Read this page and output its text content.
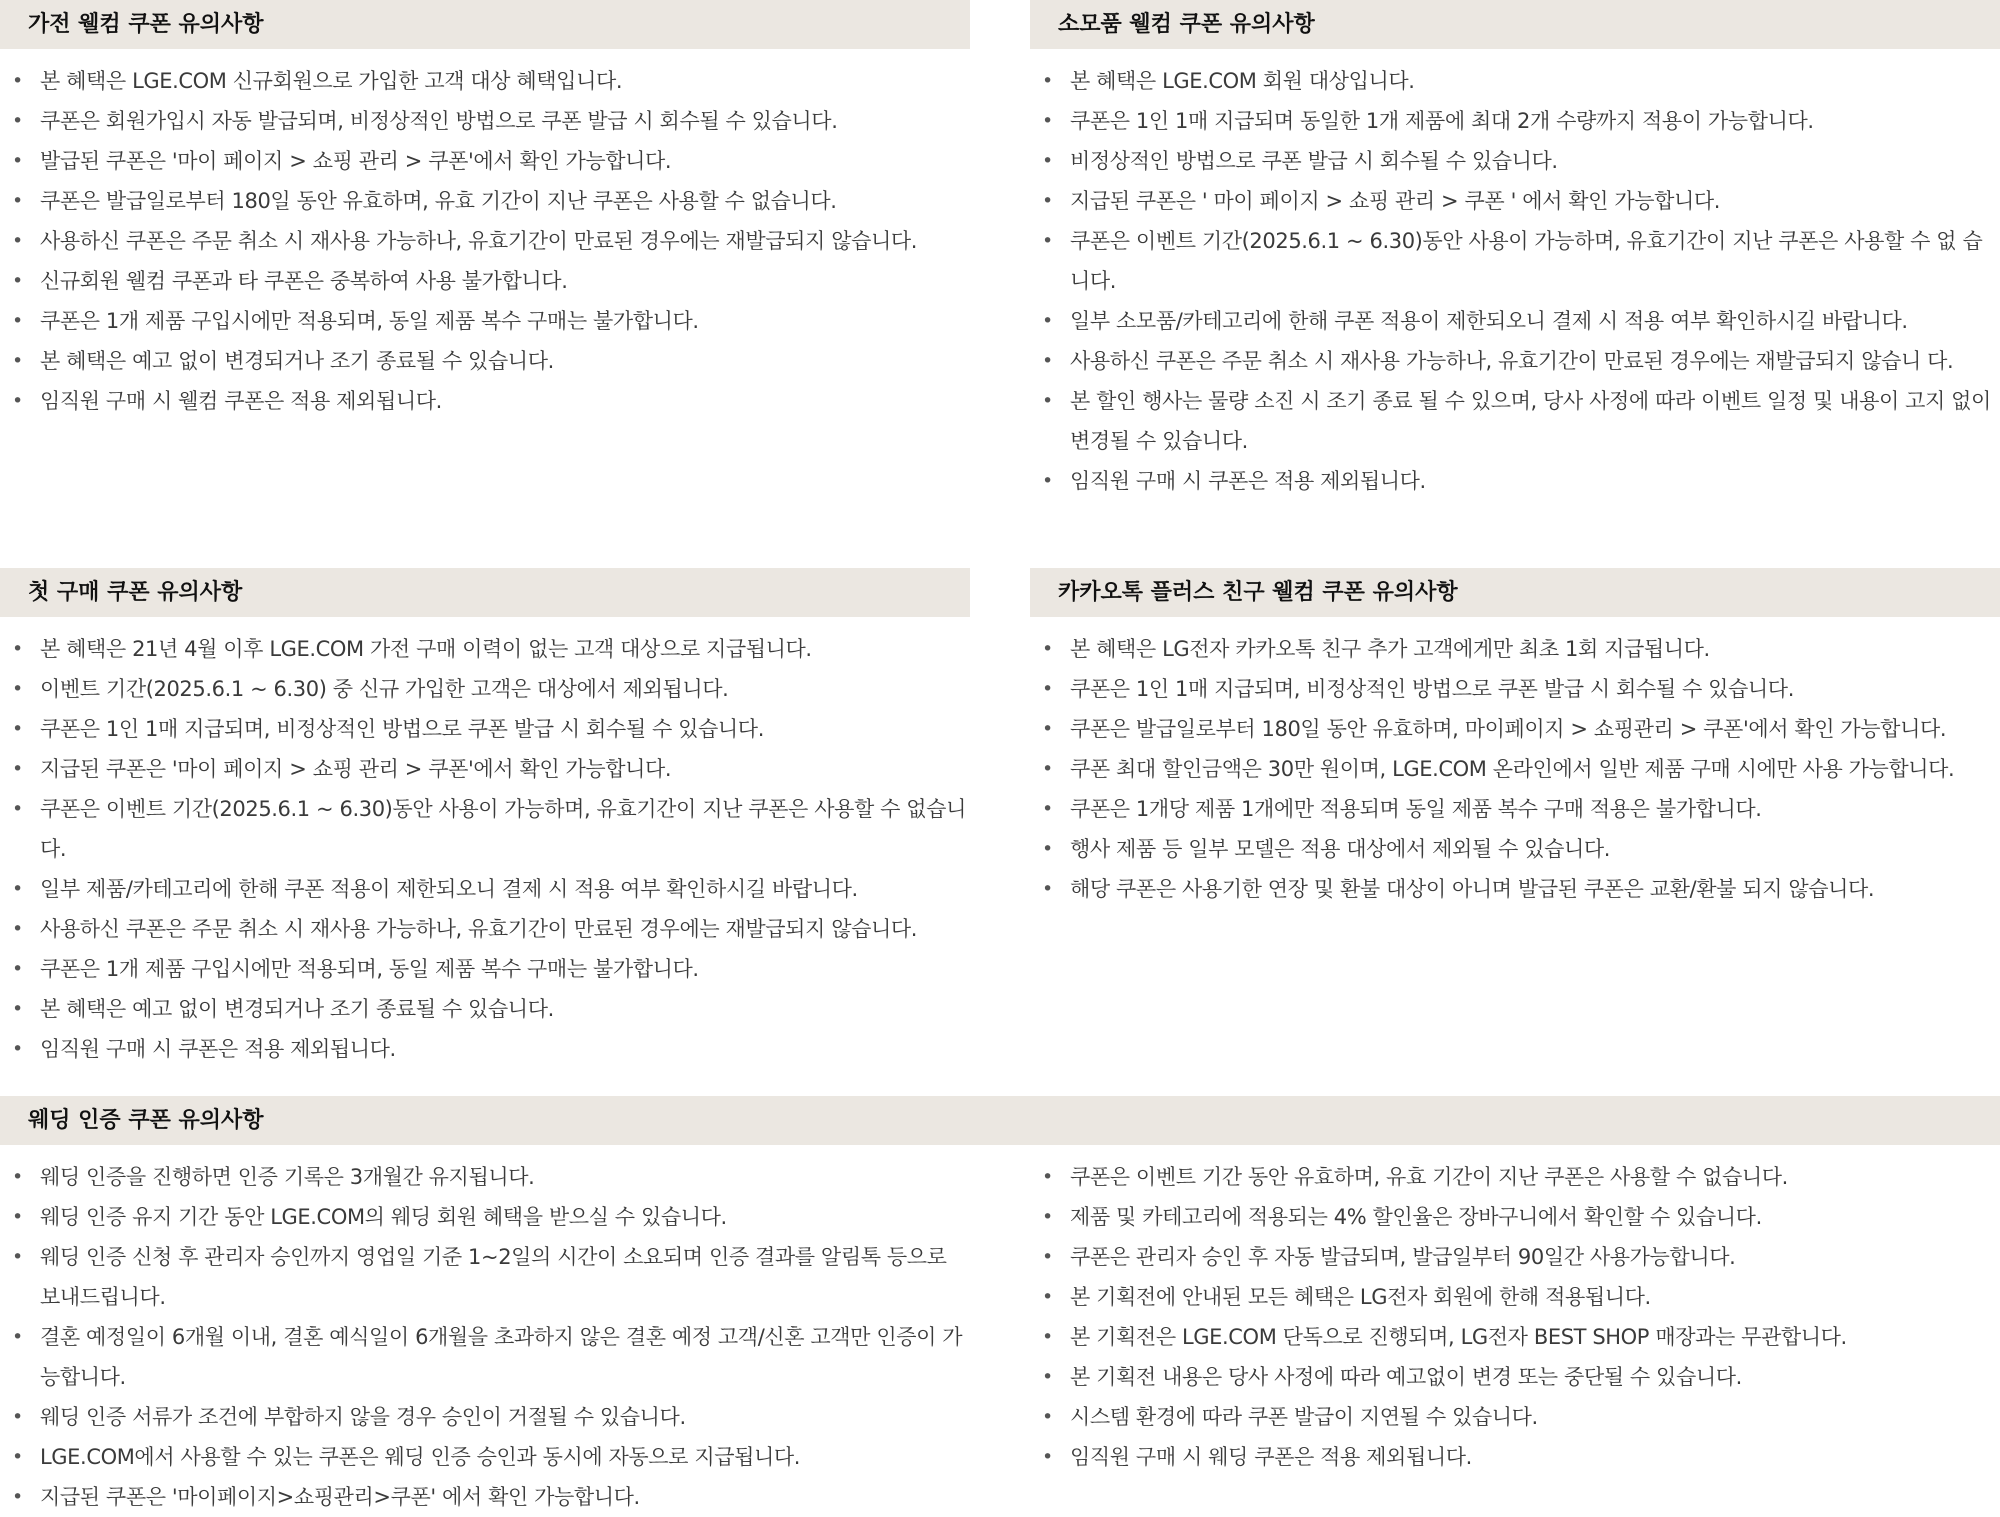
가전 웰컴 쿠폰 유의사항
• 본 혜택은 LGE.COM 신규회원으로 가입한 고객 대상 혜택입니다.
• 쿠폰은 회원가입시 자동 발급되며, 비정상적인 방법으로 쿠폰 발급 시 회수될 수 있습니다.
• 발급된 쿠폰은 '마이 페이지 > 쇼핑 관리 > 쿠폰'에서 확인 가능합니다.
• 쿠폰은 발급일로부터 180일 동안 유효하며, 유효 기간이 지난 쿠폰은 사용할 수 없습니다.
• 사용하신 쿠폰은 주문 취소 시 재사용 가능하나, 유효기간이 만료된 경우에는 재발급되지 않습니다.
• 신규회원 웰컴 쿠폰과 타 쿠폰은 중복하여 사용 불가합니다.
• 쿠폰은 1개 제품 구입시에만 적용되며, 동일 제품 복수 구매는 불가합니다.
• 본 혜택은 예고 없이 변경되거나 조기 종료될 수 있습니다.
• 임직원 구매 시 웰컴 쿠폰은 적용 제외됩니다.
소모품 웰컴 쿠폰 유의사항
• 본 혜택은 LGE.COM 회원 대상입니다.
• 쿠폰은 1인 1매 지급되며 동일한 1개 제품에 최대 2개 수량까지 적용이 가능합니다.
• 비정상적인 방법으로 쿠폰 발급 시 회수될 수 있습니다.
• 지급된 쿠폰은 ' 마이 페이지 > 쇼핑 관리 > 쿠폰 ' 에서 확인 가능합니다.
• 쿠폰은 이벤트 기간(2025.6.1 ~ 6.30)동안 사용이 가능하며, 유효기간이 지난 쿠폰은 사용할 수 없 습니다.
• 일부 소모품/카테고리에 한해 쿠폰 적용이 제한되오니 결제 시 적용 여부 확인하시길 바랍니다.
• 사용하신 쿠폰은 주문 취소 시 재사용 가능하나, 유효기간이 만료된 경우에는 재발급되지 않습니 다.
• 본 할인 행사는 물량 소진 시 조기 종료 될 수 있으며, 당사 사정에 따라 이벤트 일정 및 내용이 고지 없이 변경될 수 있습니다.
• 임직원 구매 시 쿠폰은 적용 제외됩니다.
첫 구매 쿠폰 유의사항
• 본 혜택은 21년 4월 이후 LGE.COM 가전 구매 이력이 없는 고객 대상으로 지급됩니다.
• 이벤트 기간(2025.6.1 ~ 6.30) 중 신규 가입한 고객은 대상에서 제외됩니다.
• 쿠폰은 1인 1매 지급되며, 비정상적인 방법으로 쿠폰 발급 시 회수될 수 있습니다.
• 지급된 쿠폰은 '마이 페이지 > 쇼핑 관리 > 쿠폰'에서 확인 가능합니다.
• 쿠폰은 이벤트 기간(2025.6.1 ~ 6.30)동안 사용이 가능하며, 유효기간이 지난 쿠폰은 사용할 수 없습니다.
• 일부 제품/카테고리에 한해 쿠폰 적용이 제한되오니 결제 시 적용 여부 확인하시길 바랍니다.
• 사용하신 쿠폰은 주문 취소 시 재사용 가능하나, 유효기간이 만료된 경우에는 재발급되지 않습니다.
• 쿠폰은 1개 제품 구입시에만 적용되며, 동일 제품 복수 구매는 불가합니다.
• 본 혜택은 예고 없이 변경되거나 조기 종료될 수 있습니다.
• 임직원 구매 시 쿠폰은 적용 제외됩니다.
카카오톡 플러스 친구 웰컴 쿠폰 유의사항
• 본 혜택은 LG전자 카카오톡 친구 추가 고객에게만 최초 1회 지급됩니다.
• 쿠폰은 1인 1매 지급되며, 비정상적인 방법으로 쿠폰 발급 시 회수될 수 있습니다.
• 쿠폰은 발급일로부터 180일 동안 유효하며, 마이페이지 > 쇼핑관리 > 쿠폰'에서 확인 가능합니다.
• 쿠폰 최대 할인금액은 30만 원이며, LGE.COM 온라인에서 일반 제품 구매 시에만 사용 가능합니다.
• 쿠폰은 1개당 제품 1개에만 적용되며 동일 제품 복수 구매 적용은 불가합니다.
• 행사 제품 등 일부 모델은 적용 대상에서 제외될 수 있습니다.
• 해당 쿠폰은 사용기한 연장 및 환불 대상이 아니며 발급된 쿠폰은 교환/환불 되지 않습니다.
웨딩 인증 쿠폰 유의사항
• 웨딩 인증을 진행하면 인증 기록은 3개월간 유지됩니다.
• 웨딩 인증 유지 기간 동안 LGE.COM의 웨딩 회원 혜택을 받으실 수 있습니다.
• 웨딩 인증 신청 후 관리자 승인까지 영업일 기준 1~2일의 시간이 소요되며 인증 결과를 알림톡 등으로 보내드립니다.
• 결혼 예정일이 6개월 이내, 결혼 예식일이 6개월을 초과하지 않은 결혼 예정 고객/신혼 고객만 인증이 가능합니다.
• 웨딩 인증 서류가 조건에 부합하지 않을 경우 승인이 거절될 수 있습니다.
• LGE.COM에서 사용할 수 있는 쿠폰은 웨딩 인증 승인과 동시에 자동으로 지급됩니다.
• 지급된 쿠폰은 '마이페이지>쇼핑관리>쿠폰' 에서 확인 가능합니다.
• 쿠폰은 이벤트 기간 동안 유효하며, 유효 기간이 지난 쿠폰은 사용할 수 없습니다.
• 제품 및 카테고리에 적용되는 4% 할인율은 장바구니에서 확인할 수 있습니다.
• 쿠폰은 관리자 승인 후 자동 발급되며, 발급일부터 90일간 사용가능합니다.
• 본 기획전에 안내된 모든 혜택은 LG전자 회원에 한해 적용됩니다.
• 본 기획전은 LGE.COM 단독으로 진행되며, LG전자 BEST SHOP 매장과는 무관합니다.
• 본 기획전 내용은 당사 사정에 따라 예고없이 변경 또는 중단될 수 있습니다.
• 시스템 환경에 따라 쿠폰 발급이 지연될 수 있습니다.
• 임직원 구매 시 웨딩 쿠폰은 적용 제외됩니다.
